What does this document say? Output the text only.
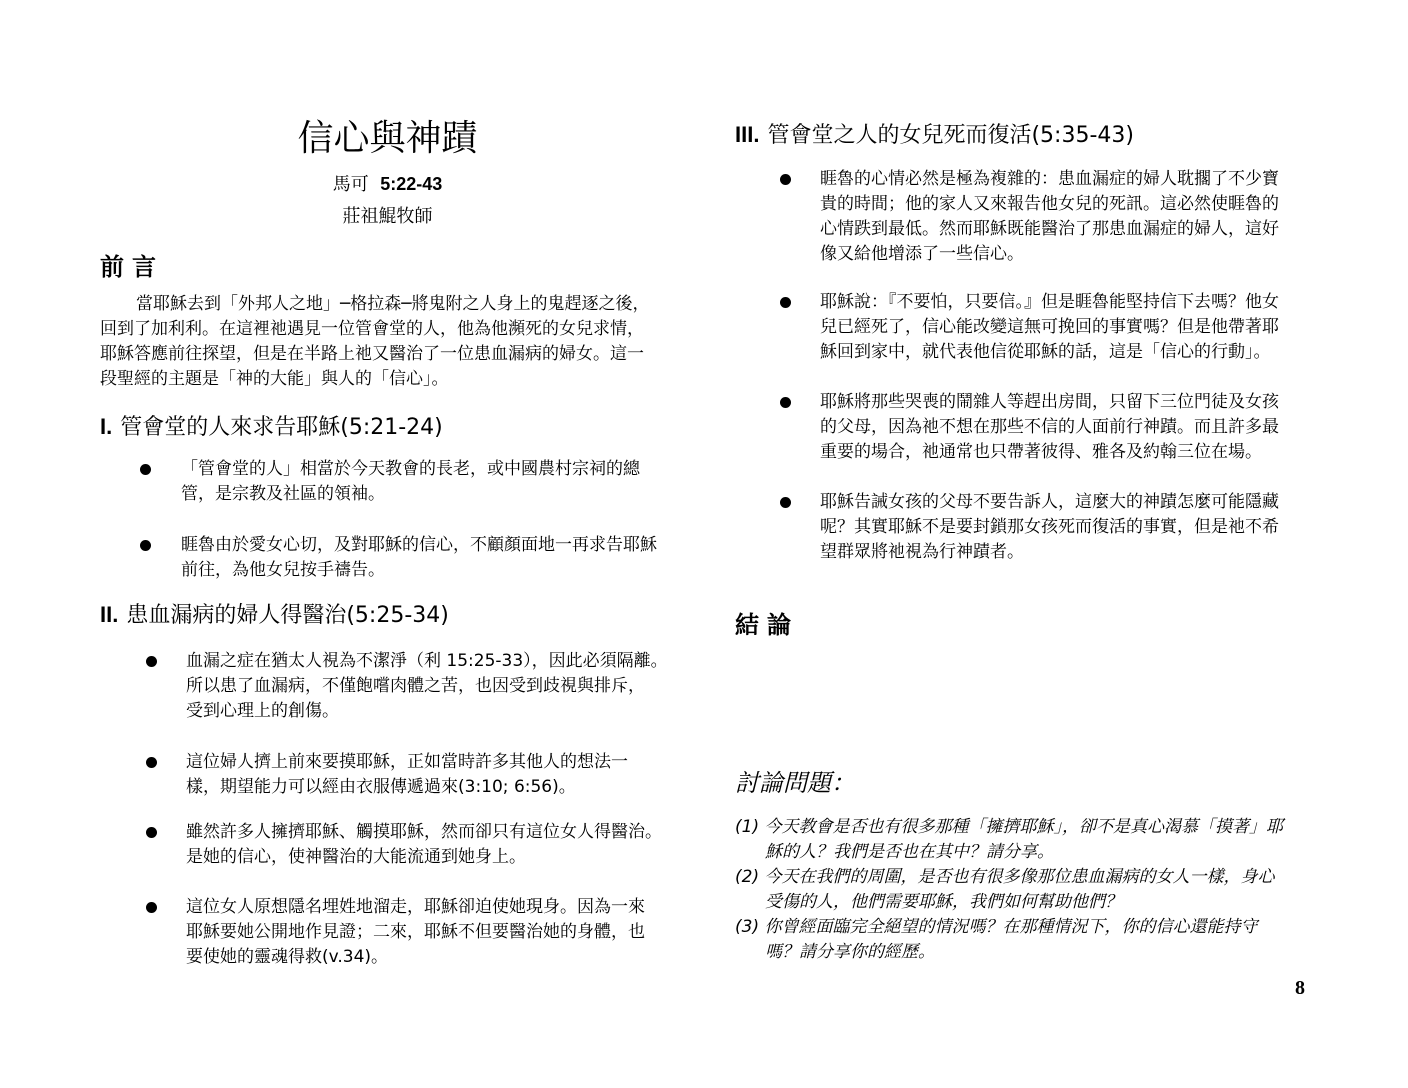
信心與神蹟
馬可 5:22-43
莊祖鯤牧師
前言
當耶穌去到「外邦人之地」─格拉森─將鬼附之人身上的鬼趕逐之後，
回到了加利利。在這裡祂遇見一位管會堂的人，他為他瀕死的女兒求情，
耶穌答應前往探望，但是在半路上祂又醫治了一位患血漏病的婦女。這一
段聖經的主題是「神的大能」與人的「信心」。
I. 管會堂的人來求告耶穌(5:21-24)
「管會堂的人」相當於今天教會的長老，或中國農村宗祠的總
管，是宗教及社區的領袖。
睚魯由於愛女心切，及對耶穌的信心，不顧顏面地一再求告耶穌
前往，為他女兒按手禱告。
II. 患血漏病的婦人得醫治(5:25-34)
血漏之症在猶太人視為不潔淨（利 15:25-33），因此必須隔離。
所以患了血漏病，不僅飽嚐肉體之苦，也因受到歧視與排斥，
受到心理上的創傷。
這位婦人擠上前來要摸耶穌，正如當時許多其他人的想法一
樣，期望能力可以經由衣服傳遞過來(3:10; 6:56)。
雖然許多人擁擠耶穌、觸摸耶穌，然而卻只有這位女人得醫治。
是她的信心，使神醫治的大能流通到她身上。
這位女人原想隱名埋姓地溜走，耶穌卻迫使她現身。因為一來
耶穌要她公開地作見證；二來，耶穌不但要醫治她的身體，也
要使她的靈魂得救(v.34)。
III. 管會堂之人的女兒死而復活(5:35-43)
睚魯的心情必然是極為複雜的：患血漏症的婦人耽擱了不少寶
貴的時間；他的家人又來報告他女兒的死訊。這必然使睚魯的
心情跌到最低。然而耶穌既能醫治了那患血漏症的婦人，這好
像又給他增添了一些信心。
耶穌說：『不要怕，只要信。』但是睚魯能堅持信下去嗎？他女
兒已經死了，信心能改變這無可挽回的事實嗎？但是他帶著耶
穌回到家中，就代表他信從耶穌的話，這是「信心的行動」。
耶穌將那些哭喪的鬧雜人等趕出房間，只留下三位門徒及女孩
的父母，因為祂不想在那些不信的人面前行神蹟。而且許多最
重要的場合，祂通常也只帶著彼得、雅各及約翰三位在場。
耶穌告誡女孩的父母不要告訴人，這麼大的神蹟怎麼可能隱藏
呢？其實耶穌不是要封鎖那女孩死而復活的事實，但是祂不希
望群眾將祂視為行神蹟者。
結論
討論問題：
(1) 今天教會是否也有很多那種「擁擠耶穌」，卻不是真心渴慕「摸著」耶
穌的人？我們是否也在其中？請分享。
(2) 今天在我們的周圍，是否也有很多像那位患血漏病的女人一樣，身心
受傷的人，他們需要耶穌，我們如何幫助他們？
(3) 你曾經面臨完全絕望的情況嗎？在那種情況下，你的信心還能持守
嗎？請分享你的經歷。
8
